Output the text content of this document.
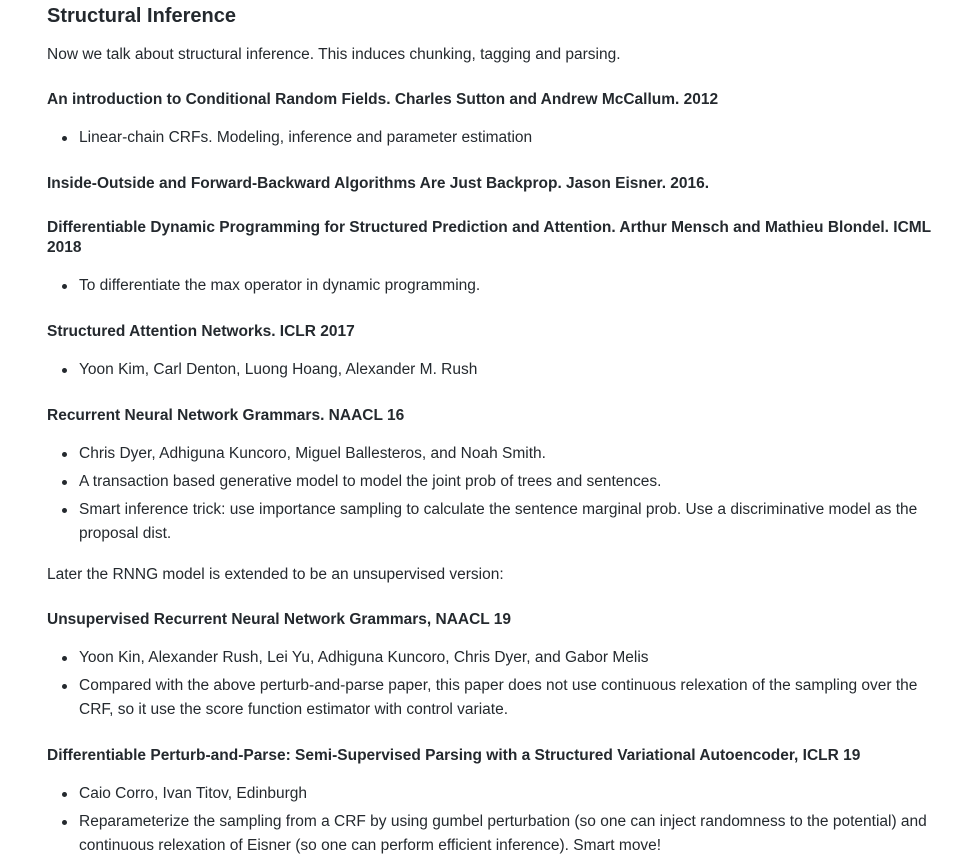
Structural Inference

Now we talk about structural inference. This induces chunking, tagging and parsing.

An introduction to Conditional Random Fields. Charles Sutton and Andrew McCallum. 2012
Linear-chain CRFs. Modeling, inference and parameter estimation
Inside-Outside and Forward-Backward Algorithms Are Just Backprop. Jason Eisner. 2016.
Differentiable Dynamic Programming for Structured Prediction and Attention. Arthur Mensch and Mathieu Blondel. ICML 2018
To differentiate the max operator in dynamic programming.
Structured Attention Networks. ICLR 2017
Yoon Kim, Carl Denton, Luong Hoang, Alexander M. Rush
Recurrent Neural Network Grammars. NAACL 16
Chris Dyer, Adhiguna Kuncoro, Miguel Ballesteros, and Noah Smith.
A transaction based generative model to model the joint prob of trees and sentences.
Smart inference trick: use importance sampling to calculate the sentence marginal prob. Use a discriminative model as the proposal dist.

Later the RNNG model is extended to be an unsupervised version:

Unsupervised Recurrent Neural Network Grammars, NAACL 19
Yoon Kin, Alexander Rush, Lei Yu, Adhiguna Kuncoro, Chris Dyer, and Gabor Melis
Compared with the above perturb-and-parse paper, this paper does not use continuous relexation of the sampling over the CRF, so it use the score function estimator with control variate.
Differentiable Perturb-and-Parse: Semi-Supervised Parsing with a Structured Variational Autoencoder, ICLR 19
Caio Corro, Ivan Titov, Edinburgh
Reparameterize the sampling from a CRF by using gumbel perturbation (so one can inject randomness to the potential) and continuous relexation of Eisner (so one can perform efficient inference). Smart move!
